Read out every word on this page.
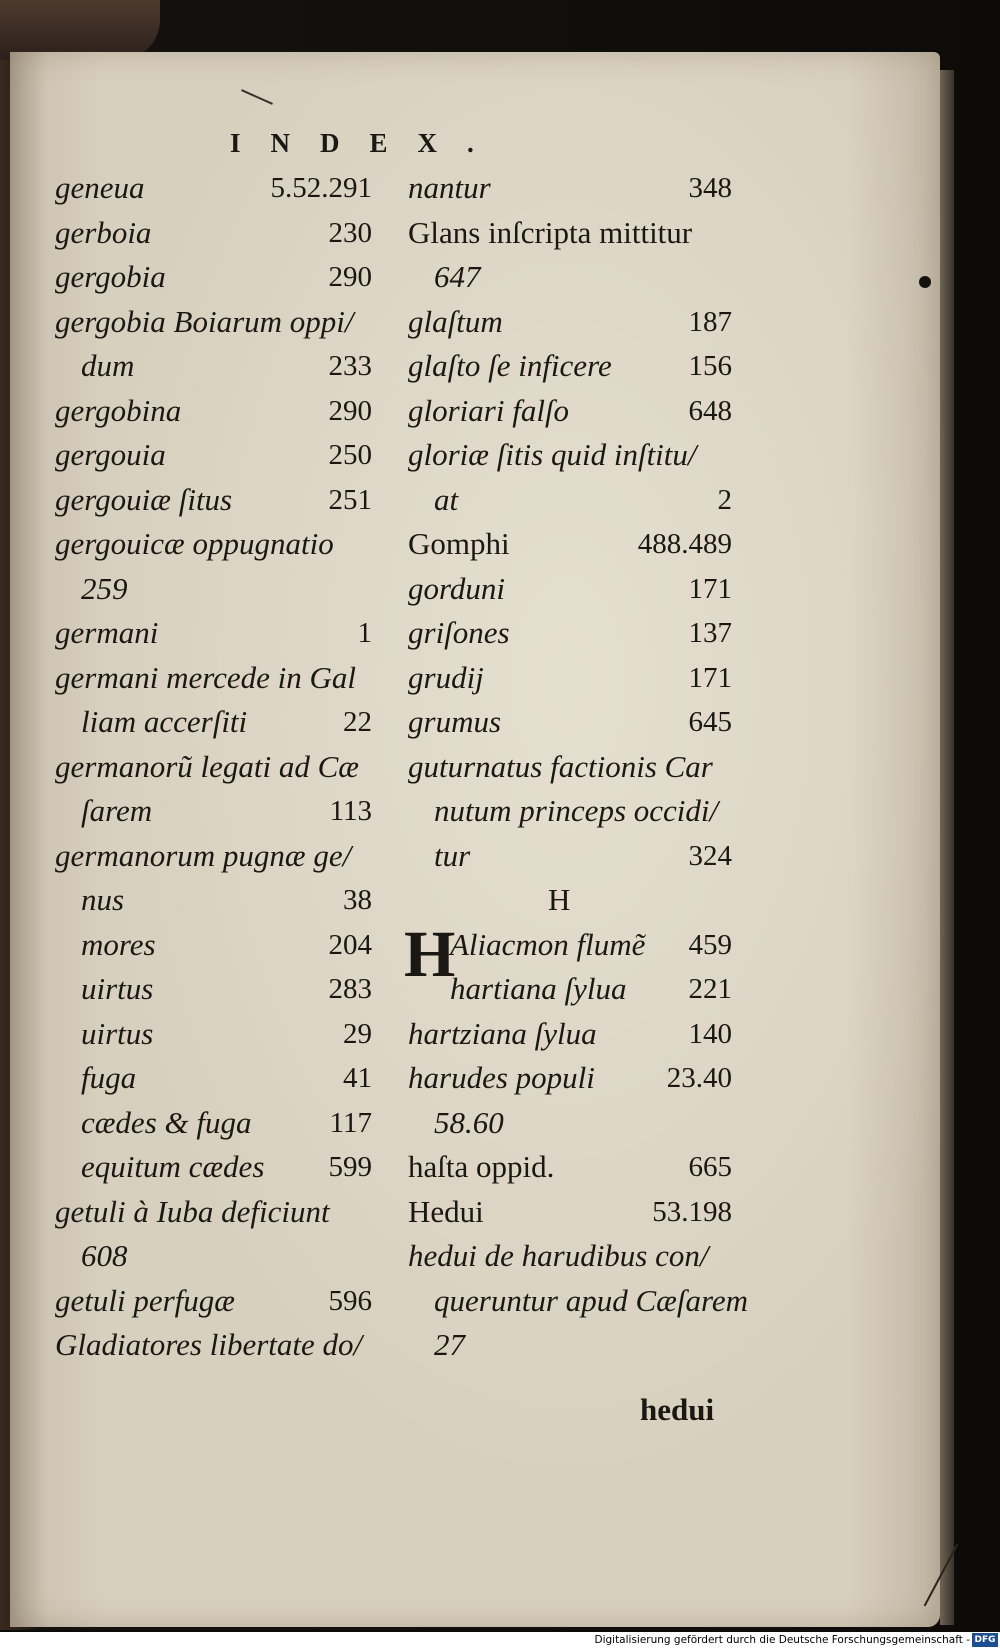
INDEX.
geneua	5.52.291
gerboia	230
gergobia	290
gergobia Boiarum oppi/
dum	233
gergobina	290
gergouia	250
gergouiæ ſitus	251
gergouicæ oppugnatio
259
germani	1
germani mercede in Gal
liam accerſiti	22
germanorũ legati ad Cæ
ſarem	113
germanorum pugnæ ge/
nus	38
mores	204
uirtus	283
uirtus	29
fuga	41
cædes & fuga	117
equitum cædes 599
getuli à Iuba deficiunt
608
getuli perfugæ	596
Gladiatores libertate do/
nantur	348
Glans inſcripta mittitur
647
glaſtum	187
glaſto ſe inficere	156
gloriari falſo	648
gloriæ ſitis quid inſtitu/
at	2
Gomphi	488.489
gorduni	171
griſones	137
grudij	171
grumus	645
guturnatus factionis Car
nutum princeps occidi/
tur	324
H
Aliacmon flumẽ 459
hartiana ſylua 221
hartziana ſylua	140
harudes populi 23.40
58.60
haſta oppid.	665
Hedui	53.198
hedui de harudibus con/
queruntur apud Cæſarem
27
H
hedui
Digitalisierung gefördert durch die Deutsche Forschungsgemeinschaft - DFG
